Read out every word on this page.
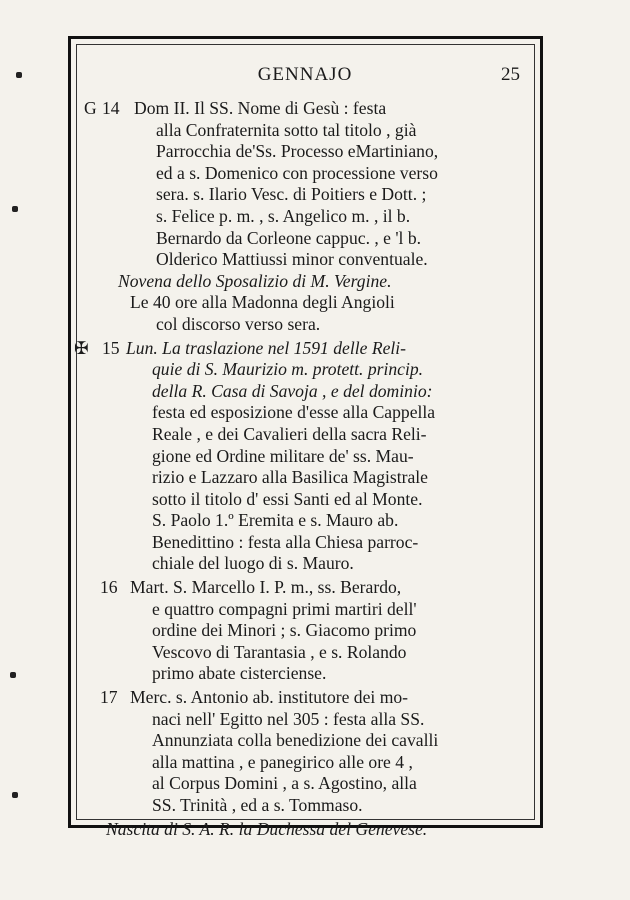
GENNAJO	25
G 14 Dom II. Il SS. Nome di Gesù : festa
alla Confraternita sotto tal titolo , già
Parrocchia de'Ss. Processo eMartiniano,
ed a s. Domenico con processione verso
sera. s. Ilario Vesc. di Poitiers e Dott. ;
s. Felice p. m. , s. Angelico m. , il b.
Bernardo da Corleone cappuc. , e 'l b.
Olderico Mattiussi minor conventuale.
Novena dello Sposalizio di M. Vergine.
Le 40 ore alla Madonna degli Angioli
col discorso verso sera.
✠ 15 Lun. La traslazione nel 1591 delle Reli-
quie di S. Maurizio m. protett. princip.
della R. Casa di Savoja , e del dominio:
festa ed esposizione d'esse alla Cappella
Reale , e dei Cavalieri della sacra Reli-
gione ed Ordine militare de' ss. Mau-
rizio e Lazzaro alla Basilica Magistrale
sotto il titolo d' essi Santi ed al Monte.
S. Paolo 1.º Eremita e s. Mauro ab.
Benedittino : festa alla Chiesa parroc-
chiale del luogo di s. Mauro.
16 Mart. S. Marcello I. P. m., ss. Berardo,
e quattro compagni primi martiri dell'
ordine dei Minori ; s. Giacomo primo
Vescovo di Tarantasia , e s. Rolando
primo abate cisterciense.
17 Merc. s. Antonio ab. institutore dei mo-
naci nell' Egitto nel 305 : festa alla SS.
Annunziata colla benedizione dei cavalli
alla mattina , e panegirico alle ore 4 ,
al Corpus Domini , a s. Agostino, alla
SS. Trinità , ed a s. Tommaso.
Nascita di S. A. R. la Duchessa del Genevese.
